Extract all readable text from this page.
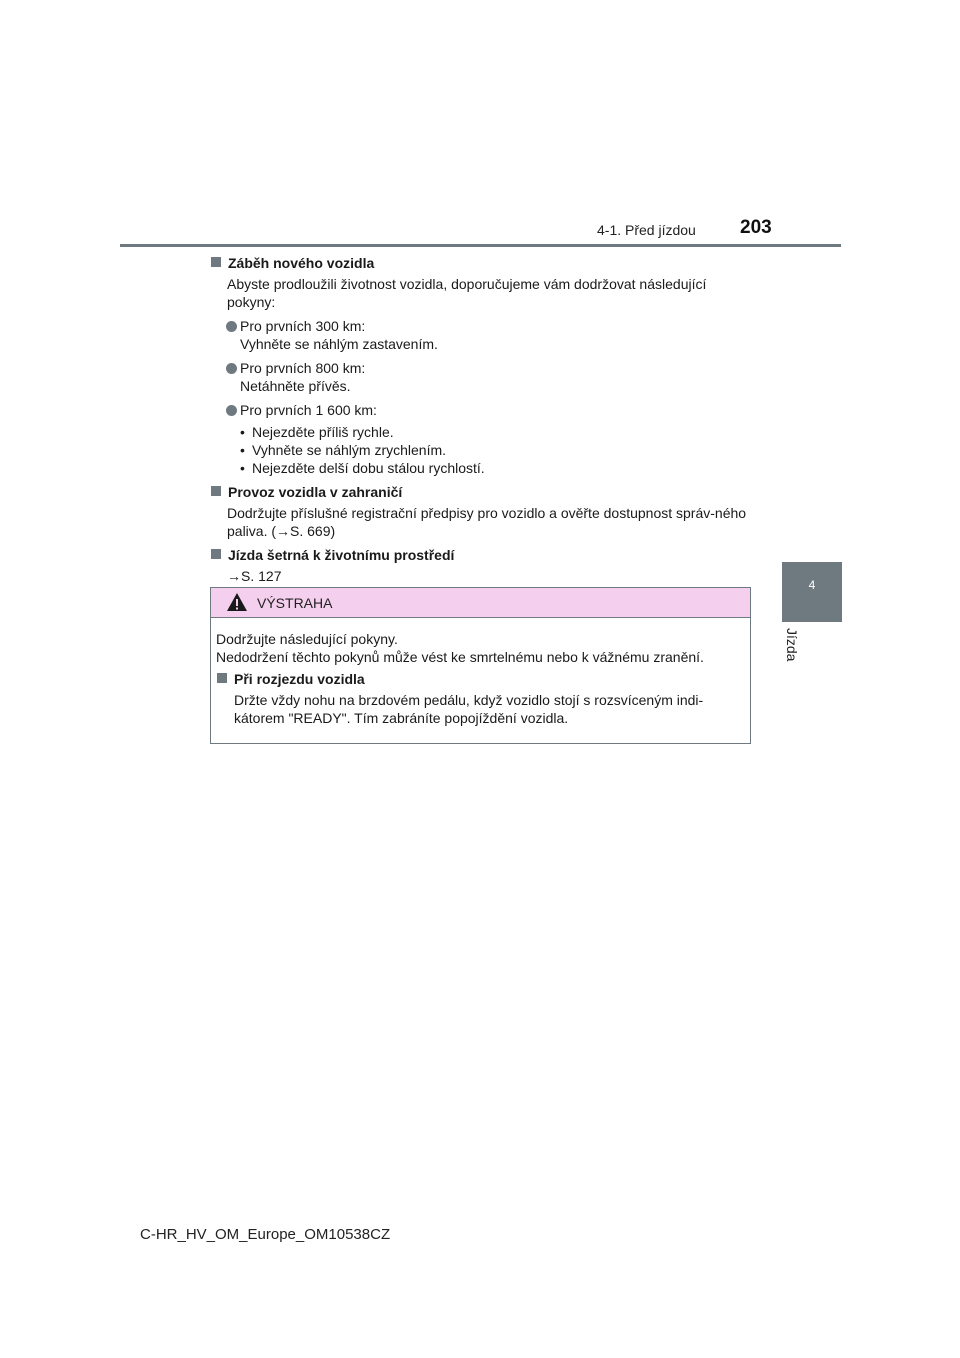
4-1. Před jízdou 203
4
Jízda
Záběh nového vozidla
Abyste prodloužili životnost vozidla, doporučujeme vám dodržovat následující pokyny:
Pro prvních 300 km:
Vyhněte se náhlým zastavením.
Pro prvních 800 km:
Netáhněte přívěs.
Pro prvních 1 600 km:
• Nejezděte příliš rychle.
• Vyhněte se náhlým zrychlením.
• Nejezděte delší dobu stálou rychlostí.
Provoz vozidla v zahraničí
Dodržujte příslušné registrační předpisy pro vozidlo a ověřte dostupnost správ-ného paliva. (→S. 669)
Jízda šetrná k životnímu prostředí
→S. 127
VÝSTRAHA
Dodržujte následující pokyny.
Nedodržení těchto pokynů může vést ke smrtelnému nebo k vážnému zranění.
Při rozjezdu vozidla
Držte vždy nohu na brzdovém pedálu, když vozidlo stojí s rozsvíceným indi-kátorem "READY". Tím zabráníte popojíždění vozidla.
C-HR_HV_OM_Europe_OM10538CZ
